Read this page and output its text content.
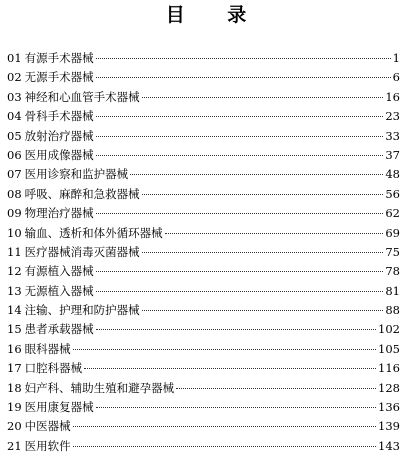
目 录
01 有源手术器械	1
02 无源手术器械	6
03 神经和心血管手术器械	16
04 骨科手术器械	23
05 放射治疗器械	33
06 医用成像器械	37
07 医用诊察和监护器械	48
08 呼吸、麻醉和急救器械	56
09 物理治疗器械	62
10 输血、透析和体外循环器械	69
11 医疗器械消毒灭菌器械	75
12 有源植入器械	78
13 无源植入器械	81
14 注输、护理和防护器械	88
15 患者承载器械	102
16 眼科器械	105
17 口腔科器械	116
18 妇产科、辅助生殖和避孕器械	128
19 医用康复器械	136
20 中医器械	139
21 医用软件	143
